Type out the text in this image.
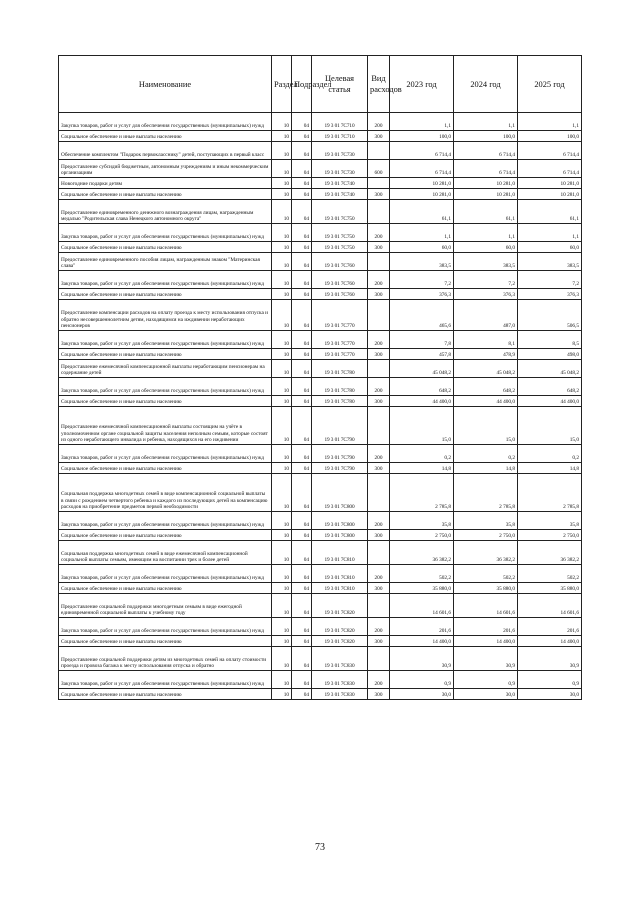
Наименование	Раздел	Подраздел	Целевая статья	Вид расходов	2023 год	2024 год	2025 год
Закупка товаров, работ и услуг для обеспечения государственных (муниципальных) нужд	10	04	19 3 01 7С710	200	1,1	1,1	1,1
Социальное обеспечение и иные выплаты населению	10	04	19 3 01 7С710	300	100,0	100,0	100,0
Обеспечение комплектом "Подарок первокласснику" детей, поступающих в первый класс	10	04	19 3 01 7С730		6 714,4	6 714,4	6 714,4
Предоставление субсидий бюджетным, автономным учреждениям и иным некоммерческим организациям	10	04	19 3 01 7С730	600	6 714,4	6 714,4	6 714,4
Новогодние подарки детям	10	04	19 3 01 7С740		10 281,0	10 281,0	10 281,0
Социальное обеспечение и иные выплаты населению	10	04	19 3 01 7С740	300	10 281,0	10 281,0	10 281,0
Предоставление единовременного денежного вознаграждения лицам, награжденным медалью "Родительская слава Ненецкого автономного округа"	10	04	19 3 01 7С750		61,1	61,1	61,1
Закупка товаров, работ и услуг для обеспечения государственных (муниципальных) нужд	10	04	19 3 01 7С750	200	1,1	1,1	1,1
Социальное обеспечение и иные выплаты населению	10	04	19 3 01 7С750	300	60,0	60,0	60,0
Предоставление единовременного пособия лицам, награжденным знаком "Материнская слава"	10	04	19 3 01 7С760		383,5	383,5	383,5
Закупка товаров, работ и услуг для обеспечения государственных (муниципальных) нужд	10	04	19 3 01 7С760	200	7,2	7,2	7,2
Социальное обеспечение и иные выплаты населению	10	04	19 3 01 7С760	300	376,3	376,3	376,3
Предоставление компенсации расходов на оплату проезда к месту использования отпуска и обратно несовершеннолетним детям, находящимся на иждивении неработающих пенсионеров	10	04	19 3 01 7С770		465,6	487,0	506,5
Закупка товаров, работ и услуг для обеспечения государственных (муниципальных) нужд	10	04	19 3 01 7С770	200	7,8	8,1	8,5
Социальное обеспечение и иные выплаты населению	10	04	19 3 01 7С770	300	457,8	478,9	498,0
Предоставление ежемесячной компенсационной выплаты неработающим пенсионерам на содержание детей	10	04	19 3 01 7С780		45 048,2	45 048,2	45 048,2
Закупка товаров, работ и услуг для обеспечения государственных (муниципальных) нужд	10	04	19 3 01 7С780	200	648,2	648,2	648,2
Социальное обеспечение и иные выплаты населению	10	04	19 3 01 7С780	300	44 400,0	44 400,0	44 400,0
Предоставление ежемесячной компенсационной выплаты состоящим на учёте в уполномоченном органе социальной защиты населения неполным семьям, которые состоят из одного неработающего инвалида и ребенка, находящихся на его иждивении	10	04	19 3 01 7С790		15,0	15,0	15,0
Закупка товаров, работ и услуг для обеспечения государственных (муниципальных) нужд	10	04	19 3 01 7С790	200	0,2	0,2	0,2
Социальное обеспечение и иные выплаты населению	10	04	19 3 01 7С790	300	14,8	14,8	14,8
Социальная поддержка многодетных семей в виде компенсационной социальной выплаты в связи с рождением четвертого ребенка и каждого из последующих детей на компенсацию расходов на приобретение предметов первой необходимости	10	04	19 3 01 7С800		2 785,8	2 785,8	2 785,8
Закупка товаров, работ и услуг для обеспечения государственных (муниципальных) нужд	10	04	19 3 01 7С800	200	35,8	35,8	35,8
Социальное обеспечение и иные выплаты населению	10	04	19 3 01 7С800	300	2 750,0	2 750,0	2 750,0
Социальная поддержка многодетных семей в виде ежемесячной компенсационной социальной выплаты семьям, имеющим на воспитании трех и более детей	10	04	19 3 01 7С810		36 382,2	36 382,2	36 382,2
Закупка товаров, работ и услуг для обеспечения государственных (муниципальных) нужд	10	04	19 3 01 7С810	200	502,2	502,2	502,2
Социальное обеспечение и иные выплаты населению	10	04	19 3 01 7С810	300	35 880,0	35 880,0	35 880,0
Предоставление социальной поддержки многодетным семьям в виде ежегодной единовременной социальной выплаты к учебному году	10	04	19 3 01 7С820		14 601,6	14 601,6	14 601,6
Закупка товаров, работ и услуг для обеспечения государственных (муниципальных) нужд	10	04	19 3 01 7С820	200	201,6	201,6	201,6
Социальное обеспечение и иные выплаты населению	10	04	19 3 01 7С820	300	14 400,0	14 400,0	14 400,0
Предоставление социальной поддержки детям из многодетных семей на оплату стоимости проезда и провоза багажа к месту использования отпуска и обратно	10	04	19 3 01 7С830		30,9	30,9	30,9
Закупка товаров, работ и услуг для обеспечения государственных (муниципальных) нужд	10	04	19 3 01 7С830	200	0,9	0,9	0,9
Социальное обеспечение и иные выплаты населению	10	04	19 3 01 7С830	300	30,0	30,0	30,0
73
